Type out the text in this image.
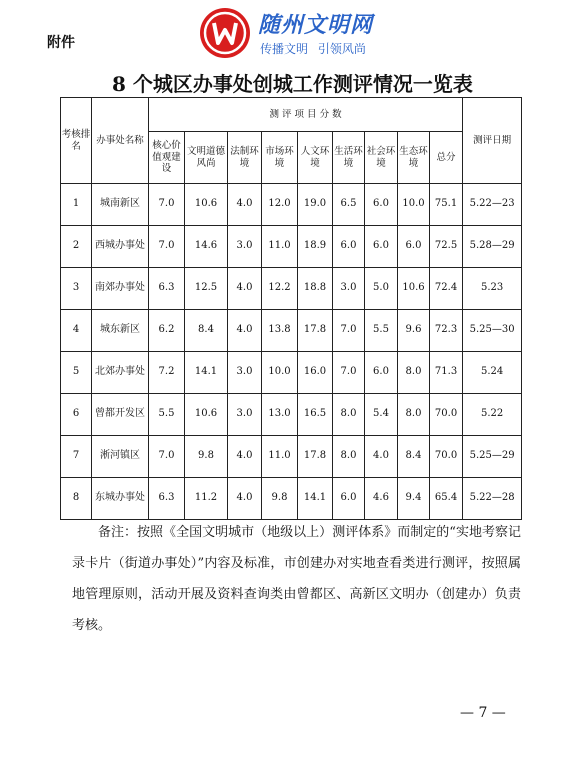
附件
随州文明网
传播文明 引领风尚
8 个城区办事处创城工作测评情况一览表
考核排名	办事处名称	测 评 项 目 分 数									测评日期
		核心价值观建设	文明道德风尚	法制环境	市场环境	人文环境	生活环境	社会环境	生态环境	总分	
1	城南新区	7.0	10.6	4.0	12.0	19.0	6.5	6.0	10.0	75.1	5.22—23
2	西城办事处	7.0	14.6	3.0	11.0	18.9	6.0	6.0	6.0	72.5	5.28—29
3	南郊办事处	6.3	12.5	4.0	12.2	18.8	3.0	5.0	10.6	72.4	5.23
4	城东新区	6.2	8.4	4.0	13.8	17.8	7.0	5.5	9.6	72.3	5.25—30
5	北郊办事处	7.2	14.1	3.0	10.0	16.0	7.0	6.0	8.0	71.3	5.24
6	曾都开发区	5.5	10.6	3.0	13.0	16.5	8.0	5.4	8.0	70.0	5.22
7	淅河镇区	7.0	9.8	4.0	11.0	17.8	8.0	4.0	8.4	70.0	5.25—29
8	东城办事处	6.3	11.2	4.0	9.8	14.1	6.0	4.6	9.4	65.4	5.22—28
备注：按照《全国文明城市（地级以上）测评体系》而制定的“实地考察记录卡片（街道办事处）”内容及标准，市创建办对实地查看类进行测评，按照属地管理原则，活动开展及资料查询类由曾都区、高新区文明办（创建办）负责考核。
— 7 —
